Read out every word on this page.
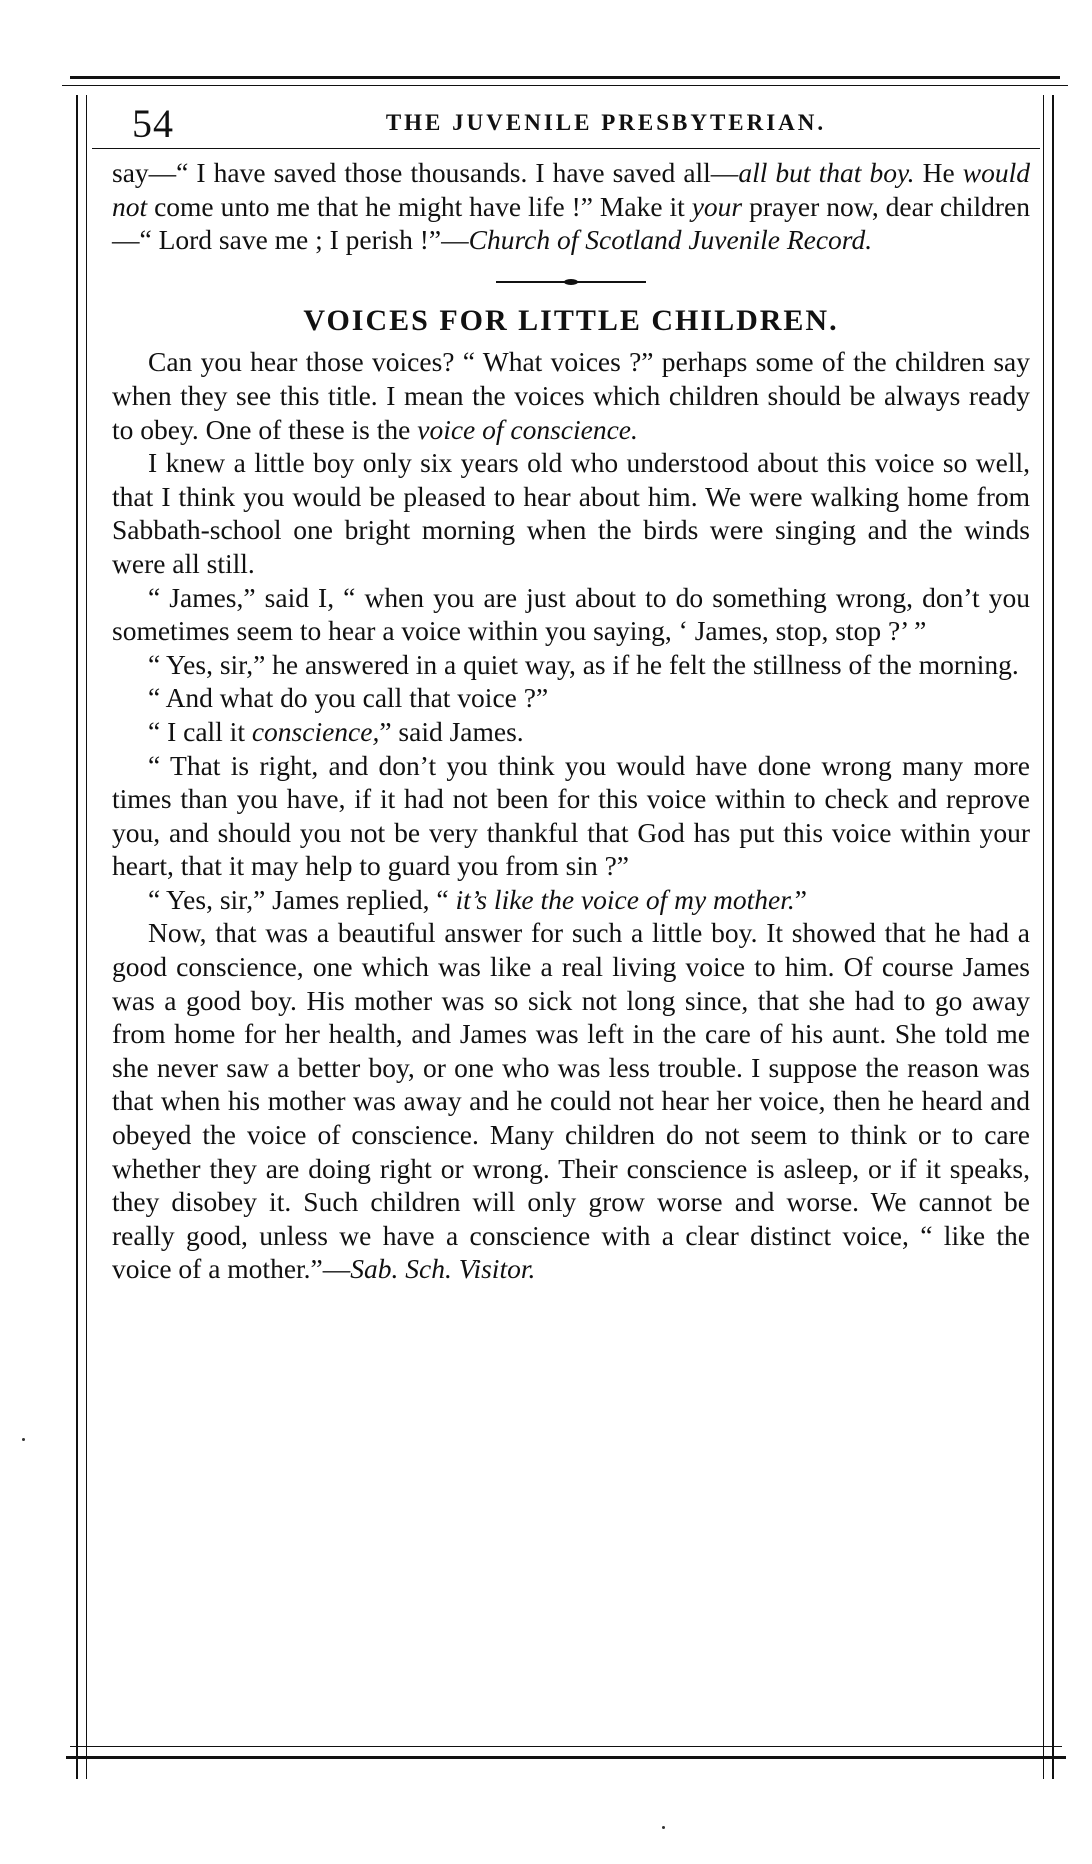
54	THE JUVENILE PRESBYTERIAN.

say—“ I have saved those thousands. I have saved all—all but that boy. He would not come unto me that he might have life !” Make it your prayer now, dear children—“ Lord save me ; I perish !”—Church of Scotland Juvenile Record.

VOICES FOR LITTLE CHILDREN.

Can you hear those voices? “ What voices ?” perhaps some of the children say when they see this title. I mean the voices which children should be always ready to obey. One of these is the voice of conscience.

I knew a little boy only six years old who understood about this voice so well, that I think you would be pleased to hear about him. We were walking home from Sabbath-school one bright morning when the birds were singing and the winds were all still.

“ James,” said I, “ when you are just about to do something wrong, don’t you sometimes seem to hear a voice within you saying, ‘ James, stop, stop ?’ ”

“ Yes, sir,” he answered in a quiet way, as if he felt the stillness of the morning.

“ And what do you call that voice ?”

“ I call it conscience,” said James.

“ That is right, and don’t you think you would have done wrong many more times than you have, if it had not been for this voice within to check and reprove you, and should you not be very thankful that God has put this voice within your heart, that it may help to guard you from sin ?”

“ Yes, sir,” James replied, “ it’s like the voice of my mother.”

Now, that was a beautiful answer for such a little boy. It showed that he had a good conscience, one which was like a real living voice to him. Of course James was a good boy. His mother was so sick not long since, that she had to go away from home for her health, and James was left in the care of his aunt. She told me she never saw a better boy, or one who was less trouble. I suppose the reason was that when his mother was away and he could not hear her voice, then he heard and obeyed the voice of conscience. Many children do not seem to think or to care whether they are doing right or wrong. Their conscience is asleep, or if it speaks, they disobey it. Such children will only grow worse and worse. We cannot be really good, unless we have a conscience with a clear distinct voice, “ like the voice of a mother.”—Sab. Sch. Visitor.
